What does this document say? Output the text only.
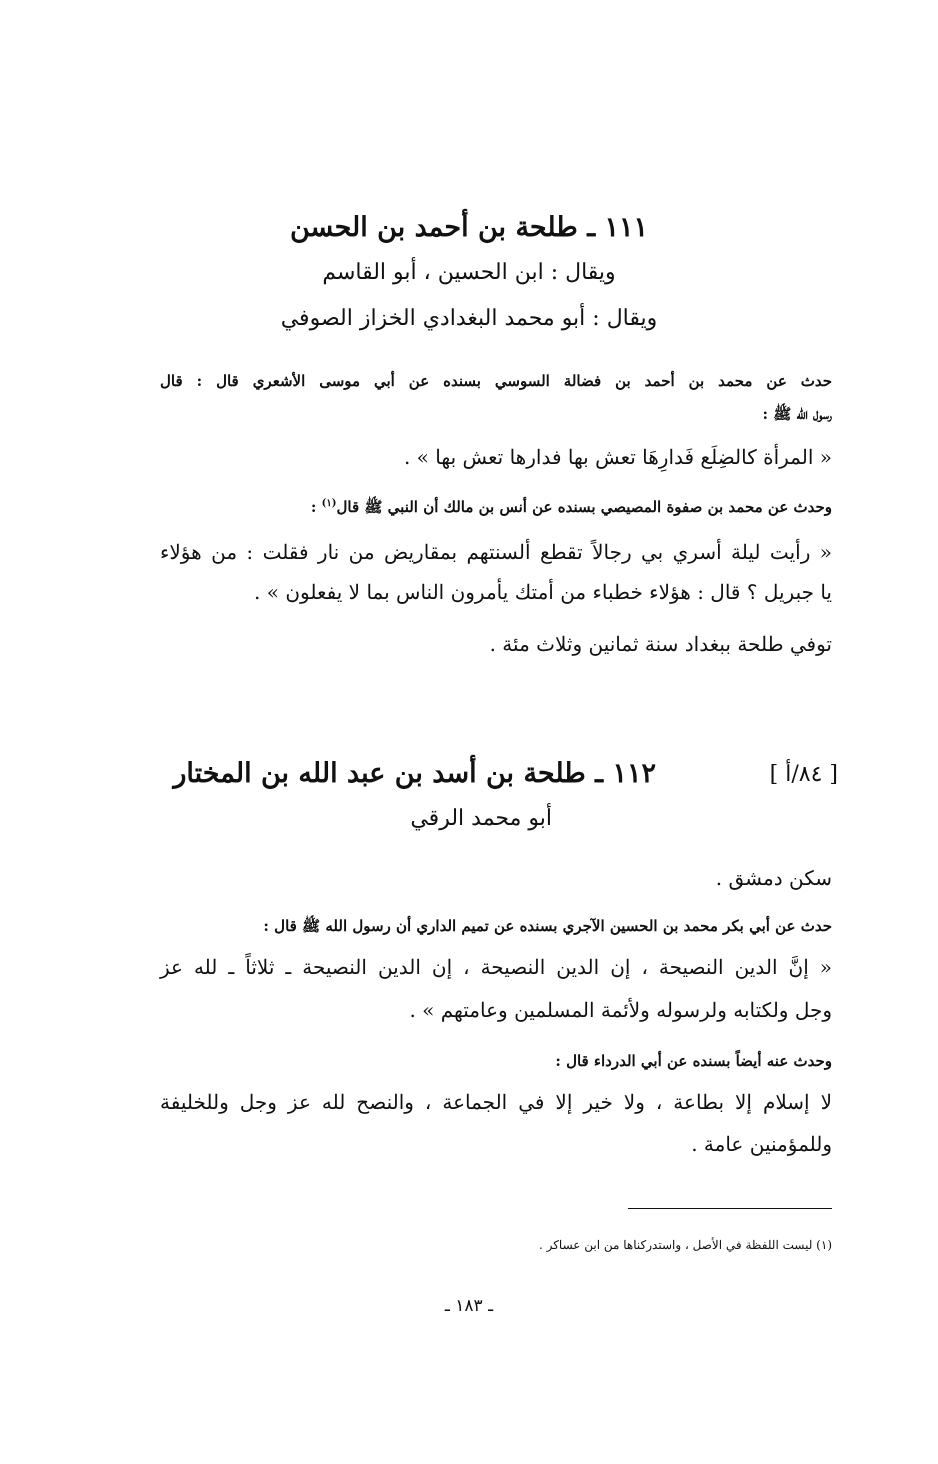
١١١ ـ طلحة بن أحمد بن الحسن
ويقال : ابن الحسين ، أبو القاسم
ويقال : أبو محمد البغدادي الخزاز الصوفي
حدث عن محمد بن أحمد بن فضالة السوسي بسنده عن أبي موسى الأشعري قال : قال
رسول الله ﷺ :
« المرأة كالضِلَع فَدارِهَا تعش بها فدارها تعش بها » .
وحدث عن محمد بن صفوة المصيصي بسنده عن أنس بن مالك أن النبي ﷺ قال$^{(١)}$ :
« رأيت ليلة أسري بي رجالاً تقطع ألسنتهم بمقاريض من نار فقلت : من هؤلاء
يا جبريل ؟ قال : هؤلاء خطباء من أمتك يأمرون الناس بما لا يفعلون » .
توفي طلحة ببغداد سنة ثمانين وثلاث مئة .
[ ٨٤/أ ]
١١٢ ـ طلحة بن أسد بن عبد الله بن المختار
أبو محمد الرقي
سكن دمشق .
حدث عن أبي بكر محمد بن الحسين الآجري بسنده عن تميم الداري أن رسول الله ﷺ قال :
« إنَّ الدين النصيحة ، إن الدين النصيحة ، إن الدين النصيحة ـ ثلاثاً ـ لله عز
وجل ولكتابه ولرسوله ولأئمة المسلمين وعامتهم » .
وحدث عنه أيضاً بسنده عن أبي الدرداء قال :
لا إسلام إلا بطاعة ، ولا خير إلا في الجماعة ، والنصح لله عز وجل وللخليفة
وللمؤمنين عامة .
(١) ليست اللفظة في الأصل ، واستدركناها من ابن عساكر .
ـ ١٨٣ ـ
